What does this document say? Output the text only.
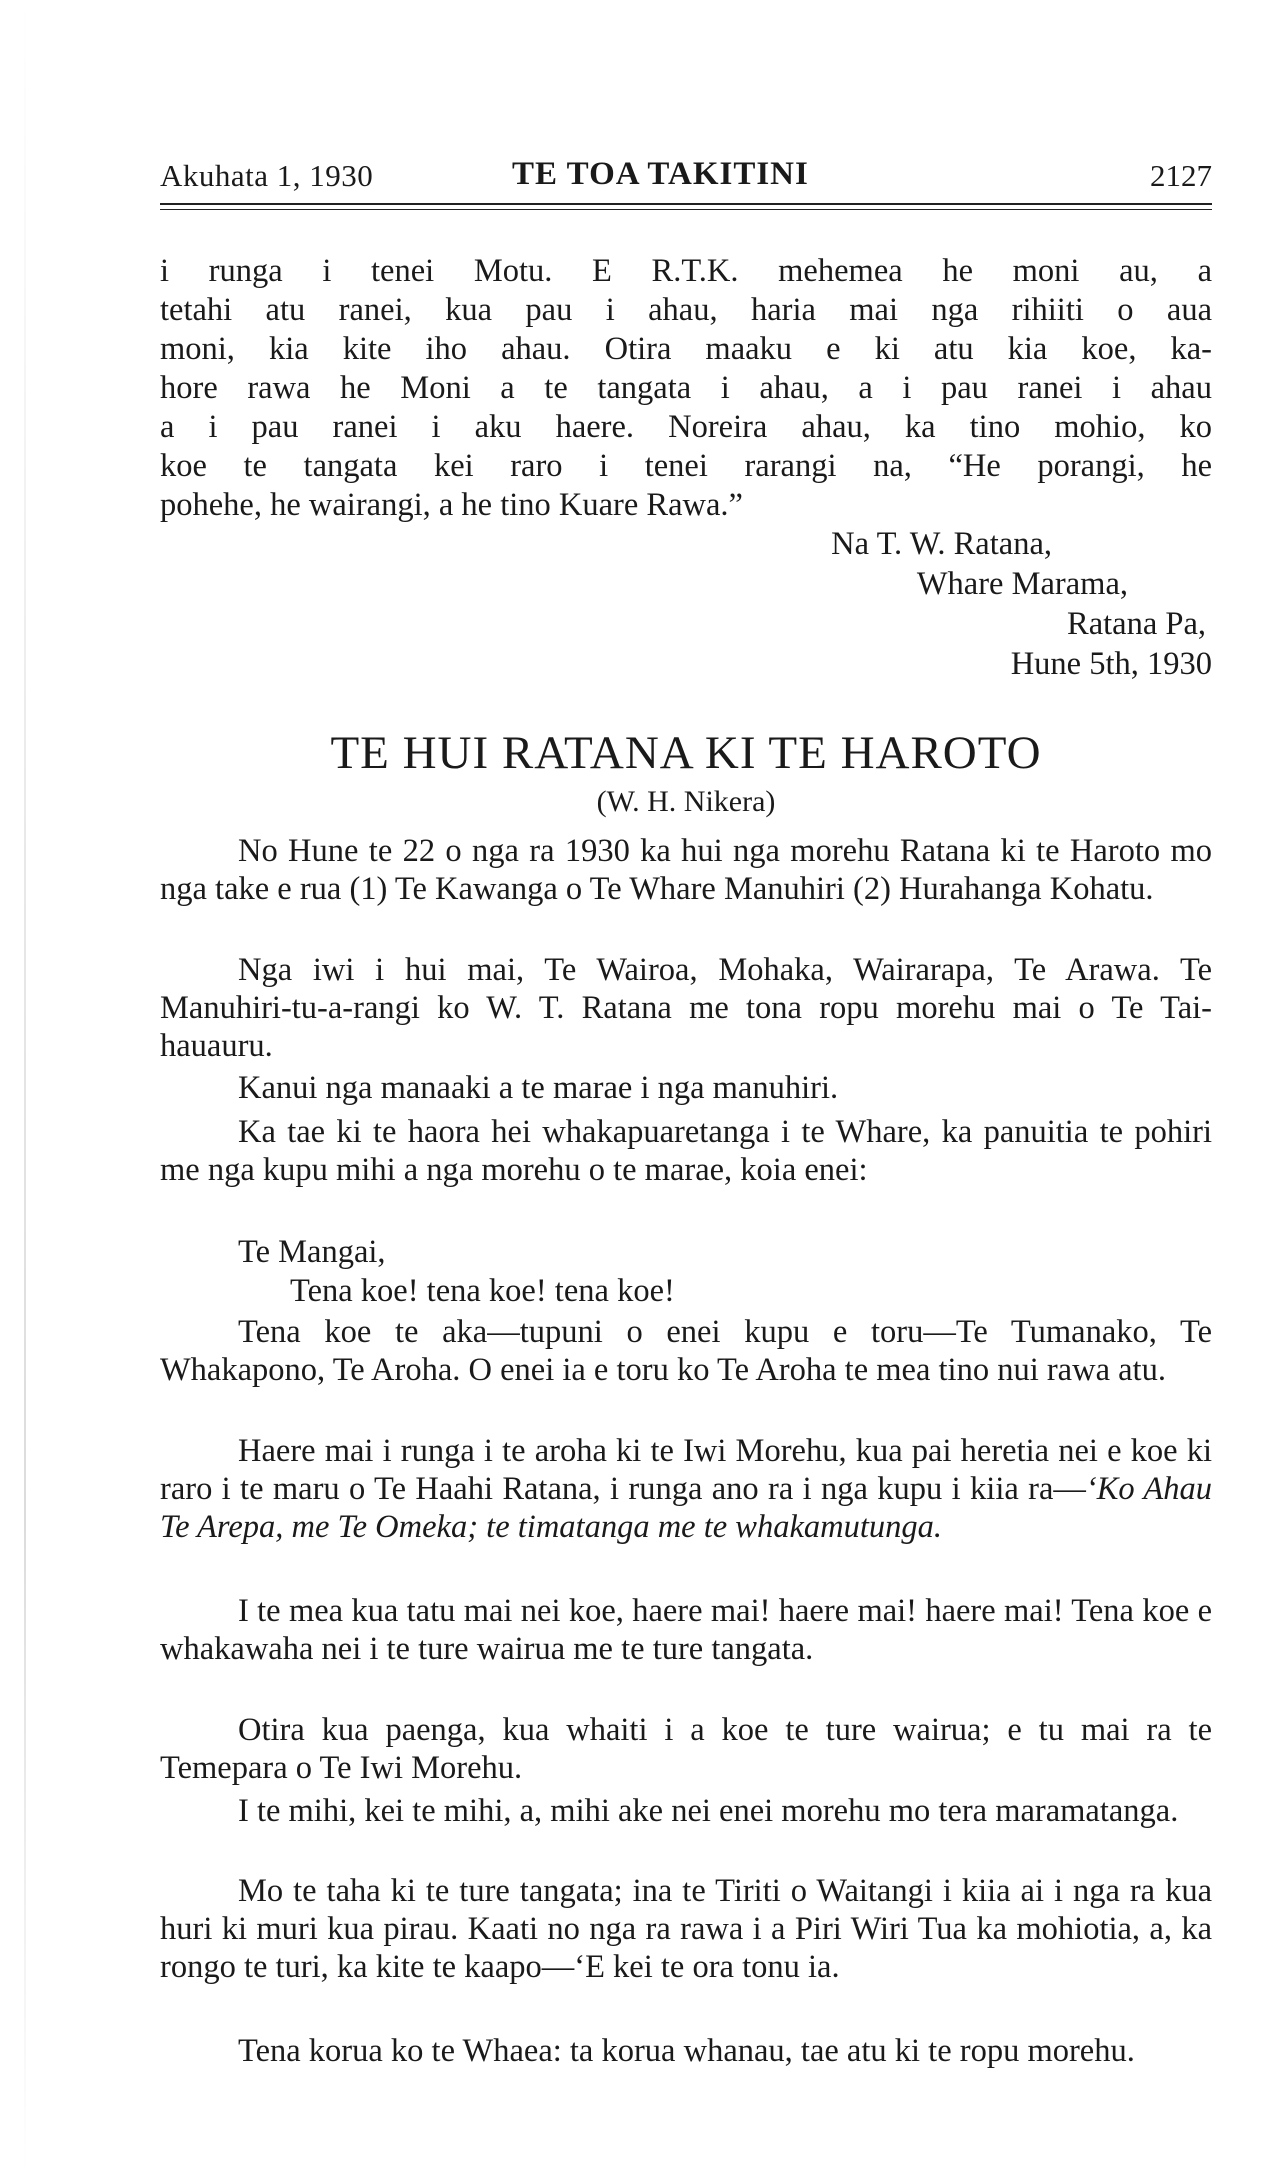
Akuhata 1, 1930	TE TOA TAKITINI	2127
i runga i tenei Motu. E R.T.K. mehemea he moni au, a
tetahi atu ranei, kua pau i ahau, haria mai nga rihiiti o aua
moni, kia kite iho ahau. Otira maaku e ki atu kia koe, ka-
hore rawa he Moni a te tangata i ahau, a i pau ranei i ahau
a i pau ranei i aku haere. Noreira ahau, ka tino mohio, ko
koe te tangata kei raro i tenei rarangi na, “He porangi, he
pohehe, he wairangi, a he tino Kuare Rawa.”
Na T. W. Ratana,
Whare Marama,
Ratana Pa,
Hune 5th, 1930
TE HUI RATANA KI TE HAROTO
(W. H. Nikera)
No Hune te 22 o nga ra 1930 ka hui nga morehu Ratana ki te Haroto mo nga take e rua (1) Te Kawanga o Te Whare Manuhiri (2) Hurahanga Kohatu.
Nga iwi i hui mai, Te Wairoa, Mohaka, Wairarapa, Te Arawa. Te Manuhiri-tu-a-rangi ko W. T. Ratana me tona ropu morehu mai o Te Tai-hauauru.
Kanui nga manaaki a te marae i nga manuhiri.
Ka tae ki te haora hei whakapuaretanga i te Whare, ka panuitia te pohiri me nga kupu mihi a nga morehu o te marae, koia enei:
Te Mangai,
Tena koe! tena koe! tena koe!
Tena koe te aka—tupuni o enei kupu e toru—Te Tumanako, Te Whakapono, Te Aroha. O enei ia e toru ko Te Aroha te mea tino nui rawa atu.
Haere mai i runga i te aroha ki te Iwi Morehu, kua pai heretia nei e koe ki raro i te maru o Te Haahi Ratana, i runga ano ra i nga kupu i kiia ra—‘Ko Ahau Te Arepa, me Te Omeka; te timatanga me te whakamutunga.
I te mea kua tatu mai nei koe, haere mai! haere mai! haere mai! Tena koe e whakawaha nei i te ture wairua me te ture tangata.
Otira kua paenga, kua whaiti i a koe te ture wairua; e tu mai ra te Temepara o Te Iwi Morehu.
I te mihi, kei te mihi, a, mihi ake nei enei morehu mo tera maramatanga.
Mo te taha ki te ture tangata; ina te Tiriti o Waitangi i kiia ai i nga ra kua huri ki muri kua pirau. Kaati no nga ra rawa i a Piri Wiri Tua ka mohiotia, a, ka rongo te turi, ka kite te kaapo—‘E kei te ora tonu ia.
Tena korua ko te Whaea: ta korua whanau, tae atu ki te ropu morehu.
